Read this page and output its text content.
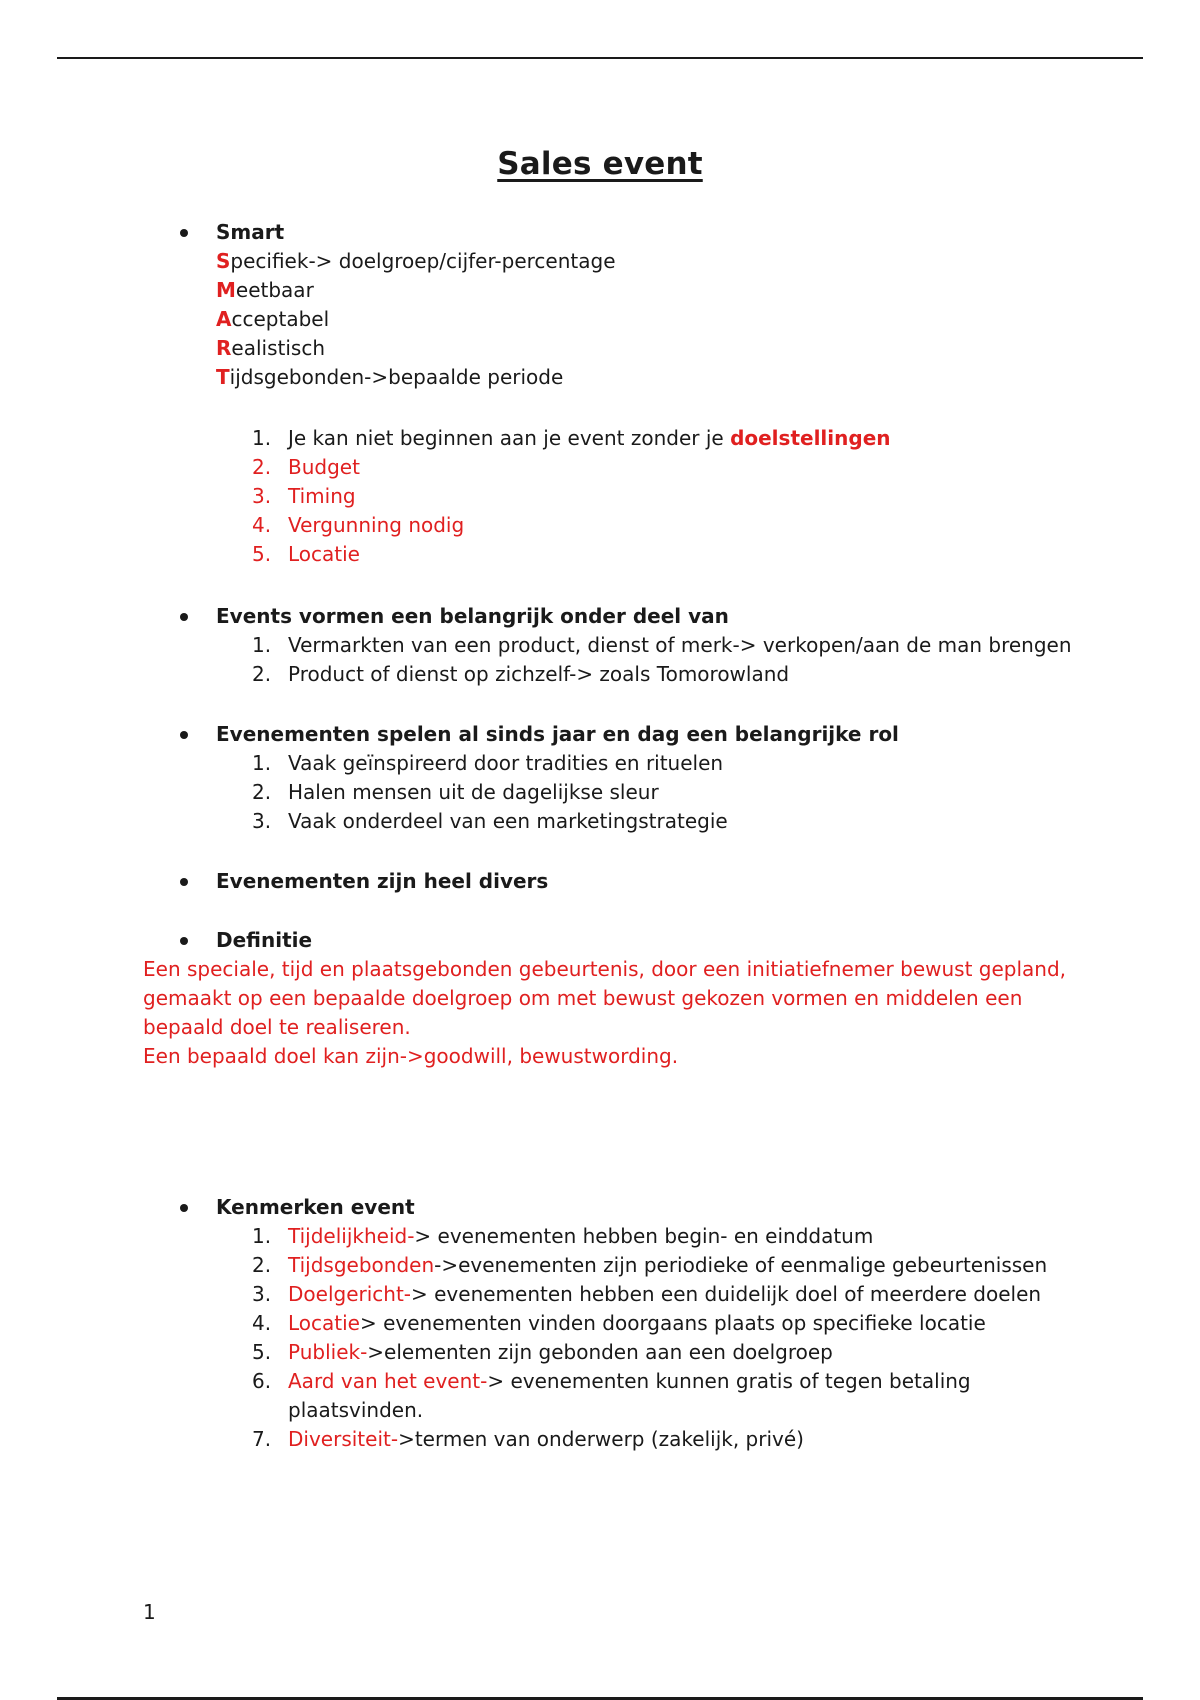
Sales event
Smart
Specifiek-> doelgroep/cijfer-percentage
Meetbaar
Acceptabel
Realistisch
Tijdsgebonden->bepaalde periode
1. Je kan niet beginnen aan je event zonder je doelstellingen
2. Budget
3. Timing
4. Vergunning nodig
5. Locatie
Events vormen een belangrijk onder deel van
1. Vermarkten van een product, dienst of merk-> verkopen/aan de man brengen
2. Product of dienst op zichzelf-> zoals Tomorowland
Evenementen spelen al sinds jaar en dag een belangrijke rol
1. Vaak geïnspireerd door tradities en rituelen
2. Halen mensen uit de dagelijkse sleur
3. Vaak onderdeel van een marketingstrategie
Evenementen zijn heel divers
Definitie
Een speciale, tijd en plaatsgebonden gebeurtenis, door een initiatiefnemer bewust gepland,
gemaakt op een bepaalde doelgroep om met bewust gekozen vormen en middelen een
bepaald doel te realiseren.
Een bepaald doel kan zijn->goodwill, bewustwording.
Kenmerken event
1. Tijdelijkheid-> evenementen hebben begin- en einddatum
2. Tijdsgebonden->evenementen zijn periodieke of eenmalige gebeurtenissen
3. Doelgericht-> evenementen hebben een duidelijk doel of meerdere doelen
4. Locatie> evenementen vinden doorgaans plaats op specifieke locatie
5. Publiek->elementen zijn gebonden aan een doelgroep
6. Aard van het event-> evenementen kunnen gratis of tegen betaling
plaatsvinden.
7. Diversiteit->termen van onderwerp (zakelijk, privé)
1
